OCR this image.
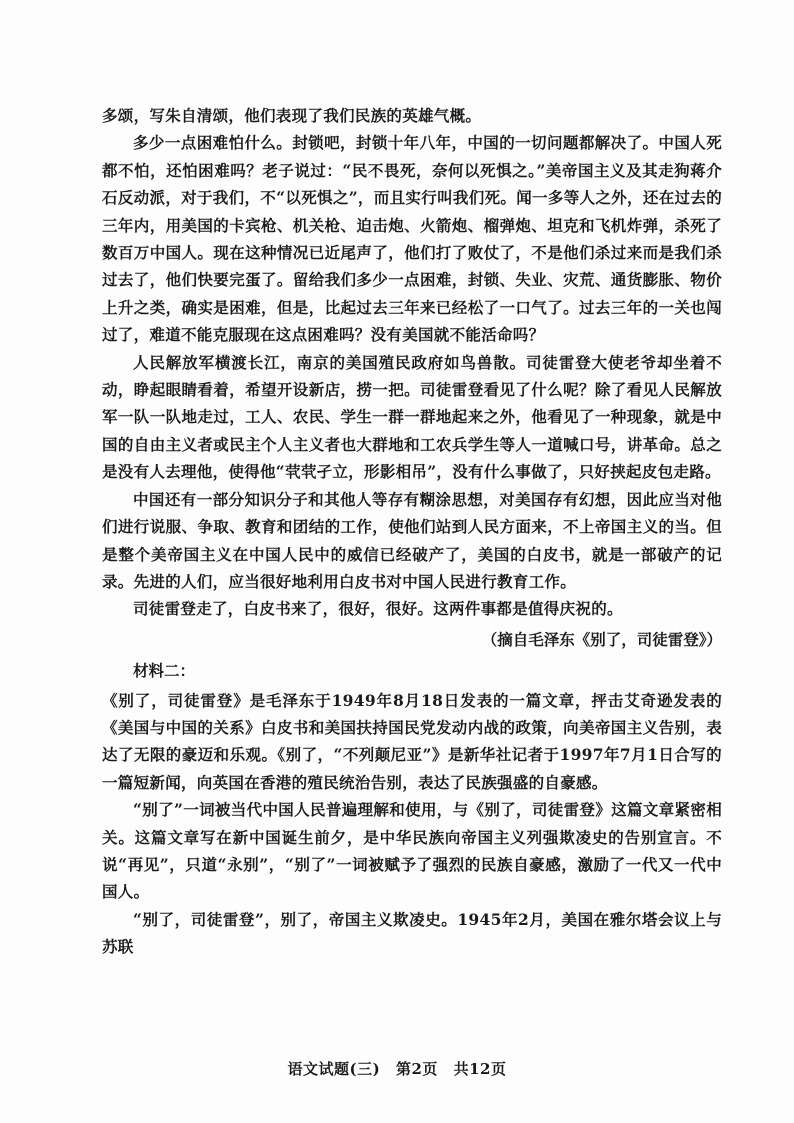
多颂，写朱自清颂，他们表现了我们民族的英雄气概。

多少一点困难怕什么。封锁吧，封锁十年八年，中国的一切问题都解决了。中国人死都不怕，还怕困难吗？老子说过：“民不畏死，奈何以死惧之。”美帝国主义及其走狗蒋介石反动派，对于我们，不“以死惧之”，而且实行叫我们死。闻一多等人之外，还在过去的三年内，用美国的卡宾枪、机关枪、迫击炮、火箭炮、榴弹炮、坦克和飞机炸弹，杀死了数百万中国人。现在这种情况已近尾声了，他们打了败仗了，不是他们杀过来而是我们杀过去了，他们快要完蛋了。留给我们多少一点困难，封锁、失业、灾荒、通货膨胀、物价上升之类，确实是困难，但是，比起过去三年来已经松了一口气了。过去三年的一关也闯过了，难道不能克服现在这点困难吗？没有美国就不能活命吗？

人民解放军横渡长江，南京的美国殖民政府如鸟兽散。司徒雷登大使老爷却坐着不动，睁起眼睛看着，希望开设新店，捞一把。司徒雷登看见了什么呢？除了看见人民解放军一队一队地走过，工人、农民、学生一群一群地起来之外，他看见了一种现象，就是中国的自由主义者或民主个人主义者也大群地和工农兵学生等人一道喊口号，讲革命。总之是没有人去理他，使得他“茕茕孑立，形影相吊”，没有什么事做了，只好挟起皮包走路。

中国还有一部分知识分子和其他人等存有糊涂思想，对美国存有幻想，因此应当对他们进行说服、争取、教育和团结的工作，使他们站到人民方面来，不上帝国主义的当。但是整个美帝国主义在中国人民中的威信已经破产了，美国的白皮书，就是一部破产的记录。先进的人们，应当很好地利用白皮书对中国人民进行教育工作。

司徒雷登走了，白皮书来了，很好，很好。这两件事都是值得庆祝的。

（摘自毛泽东《别了，司徒雷登》）

材料二：

《别了，司徒雷登》是毛泽东于1949年8月18日发表的一篇文章，抨击艾奇逊发表的《美国与中国的关系》白皮书和美国扶持国民党发动内战的政策，向美帝国主义告别，表达了无限的豪迈和乐观。《别了，“不列颠尼亚”》是新华社记者于1997年7月1日合写的一篇短新闻，向英国在香港的殖民统治告别，表达了民族强盛的自豪感。

“别了”一词被当代中国人民普遍理解和使用，与《别了，司徒雷登》这篇文章紧密相关。这篇文章写在新中国诞生前夕，是中华民族向帝国主义列强欺凌史的告别宣言。不说“再见”，只道“永别”，“别了”一词被赋予了强烈的民族自豪感，激励了一代又一代中国人。

“别了，司徒雷登”，别了，帝国主义欺凌史。1945年2月，美国在雅尔塔会议上与苏联

语文试题(三) 第2页 共12页
